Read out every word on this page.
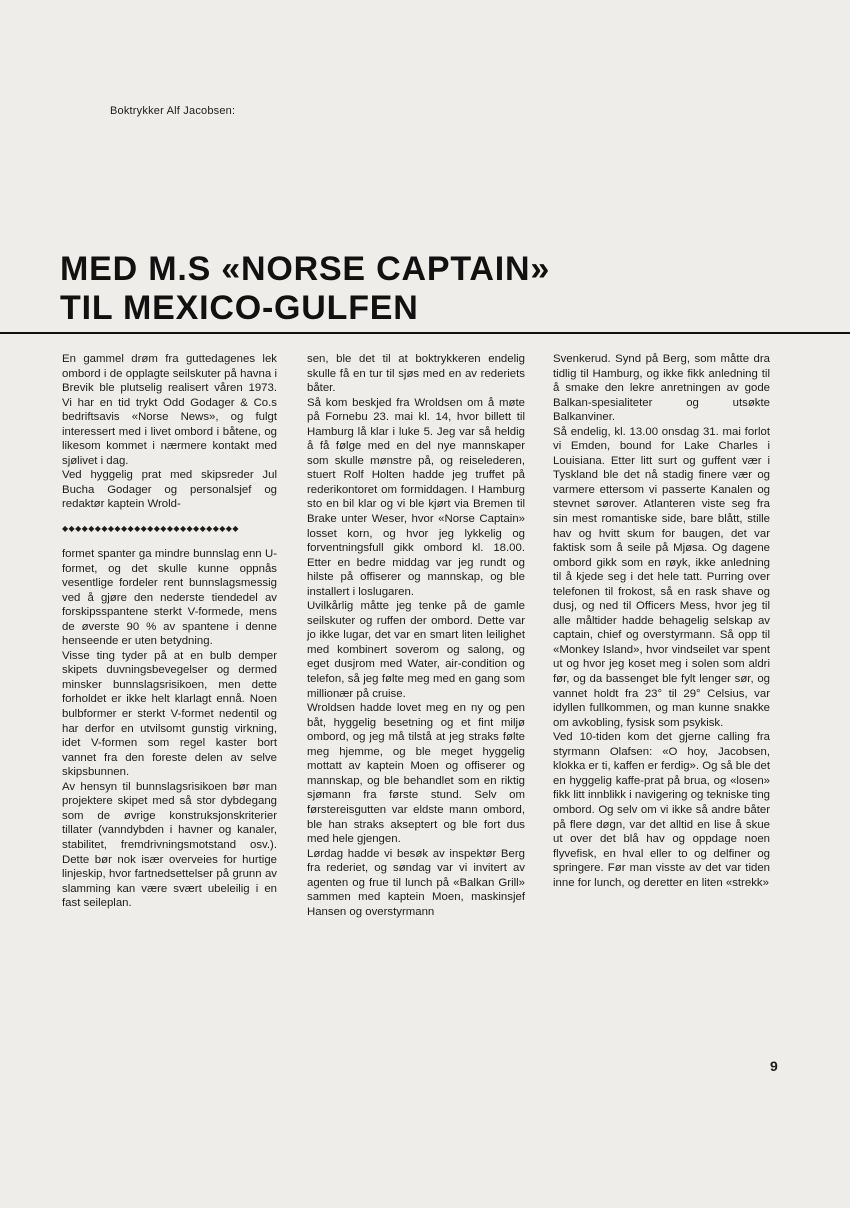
Boktrykker Alf Jacobsen:
MED M.S «NORSE CAPTAIN»
TIL MEXICO-GULFEN

En gammel drøm fra guttedagenes lek ombord i de opplagte seilskuter på havna i Brevik ble plutselig realisert våren 1973. Vi har en tid trykt Odd Godager & Co.s bedriftsavis «Norse News», og fulgt interessert med i livet ombord i båtene, og likesom kommet i nærmere kontakt med sjølivet i dag.

Ved hyggelig prat med skipsreder Jul Bucha Godager og personalsjef og redaktør kaptein Wrold-

◆◆◆◆◆◆◆◆◆◆◆◆◆◆◆◆◆◆◆◆◆◆◆◆◆◆◆

formet spanter ga mindre bunnslag enn U-formet, og det skulle kunne oppnås vesentlige fordeler rent bunnslagsmessig ved å gjøre den nederste tiendedel av forskipsspantene sterkt V-formede, mens de øverste 90 % av spantene i denne henseende er uten betydning.

Visse ting tyder på at en bulb demper skipets duvningsbevegelser og dermed minsker bunnslagsrisikoen, men dette forholdet er ikke helt klarlagt ennå. Noen bulbformer er sterkt V-formet nedentil og har derfor en utvilsomt gunstig virkning, idet V-formen som regel kaster bort vannet fra den foreste delen av selve skipsbunnen.

Av hensyn til bunnslagsrisikoen bør man projektere skipet med så stor dybdegang som de øvrige konstruksjonskriterier tillater (vanndybden i havner og kanaler, stabilitet, fremdrivningsmotstand osv.). Dette bør nok især overveies for hurtige linjeskip, hvor fartnedsettelser på grunn av slamming kan være svært ubeleilig i en fast seileplan.

sen, ble det til at boktrykkeren endelig skulle få en tur til sjøs med en av rederiets båter.

Så kom beskjed fra Wroldsen om å møte på Fornebu 23. mai kl. 14, hvor billett til Hamburg lå klar i luke 5. Jeg var så heldig å få følge med en del nye mannskaper som skulle mønstre på, og reiselederen, stuert Rolf Holten hadde jeg truffet på rederikontoret om formiddagen. I Hamburg sto en bil klar og vi ble kjørt via Bremen til Brake unter Weser, hvor «Norse Captain» losset korn, og hvor jeg lykkelig og forventningsfull gikk ombord kl. 18.00. Etter en bedre middag var jeg rundt og hilste på offiserer og mannskap, og ble installert i loslugaren.

Uvilkårlig måtte jeg tenke på de gamle seilskuter og ruffen der ombord. Dette var jo ikke lugar, det var en smart liten leilighet med kombinert soverom og salong, og eget dusjrom med Water, air-condition og telefon, så jeg følte meg med en gang som millionær på cruise.

Wroldsen hadde lovet meg en ny og pen båt, hyggelig besetning og et fint miljø ombord, og jeg må tilstå at jeg straks følte meg hjemme, og ble meget hyggelig mottatt av kaptein Moen og offiserer og mannskap, og ble behandlet som en riktig sjømann fra første stund. Selv om førstereisgutten var eldste mann ombord, ble han straks akseptert og ble fort dus med hele gjengen.

Lørdag hadde vi besøk av inspektør Berg fra rederiet, og søndag var vi invitert av agenten og frue til lunch på «Balkan Grill» sammen med kaptein Moen, maskinsjef Hansen og overstyrmann

Svenkerud. Synd på Berg, som måtte dra tidlig til Hamburg, og ikke fikk anledning til å smake den lekre anretningen av gode Balkan-spesialiteter og utsøkte Balkanviner.

Så endelig, kl. 13.00 onsdag 31. mai forlot vi Emden, bound for Lake Charles i Louisiana. Etter litt surt og guffent vær i Tyskland ble det nå stadig finere vær og varmere ettersom vi passerte Kanalen og stevnet sørover. Atlanteren viste seg fra sin mest romantiske side, bare blått, stille hav og hvitt skum for baugen, det var faktisk som å seile på Mjøsa. Og dagene ombord gikk som en røyk, ikke anledning til å kjede seg i det hele tatt. Purring over telefonen til frokost, så en rask shave og dusj, og ned til Officers Mess, hvor jeg til alle måltider hadde behagelig selskap av captain, chief og overstyrmann. Så opp til «Monkey Island», hvor vindseilet var spent ut og hvor jeg koset meg i solen som aldri før, og da bassenget ble fylt lenger sør, og vannet holdt fra 23° til 29° Celsius, var idyllen fullkommen, og man kunne snakke om avkobling, fysisk som psykisk.

Ved 10-tiden kom det gjerne calling fra styrmann Olafsen: «O hoy, Jacobsen, klokka er ti, kaffen er ferdig». Og så ble det en hyggelig kaffe-prat på brua, og «losen» fikk litt innblikk i navigering og tekniske ting ombord. Og selv om vi ikke så andre båter på flere døgn, var det alltid en lise å skue ut over det blå hav og oppdage noen flyvefisk, en hval eller to og delfiner og springere. Før man visste av det var tiden inne for lunch, og deretter en liten «strekk»

9
